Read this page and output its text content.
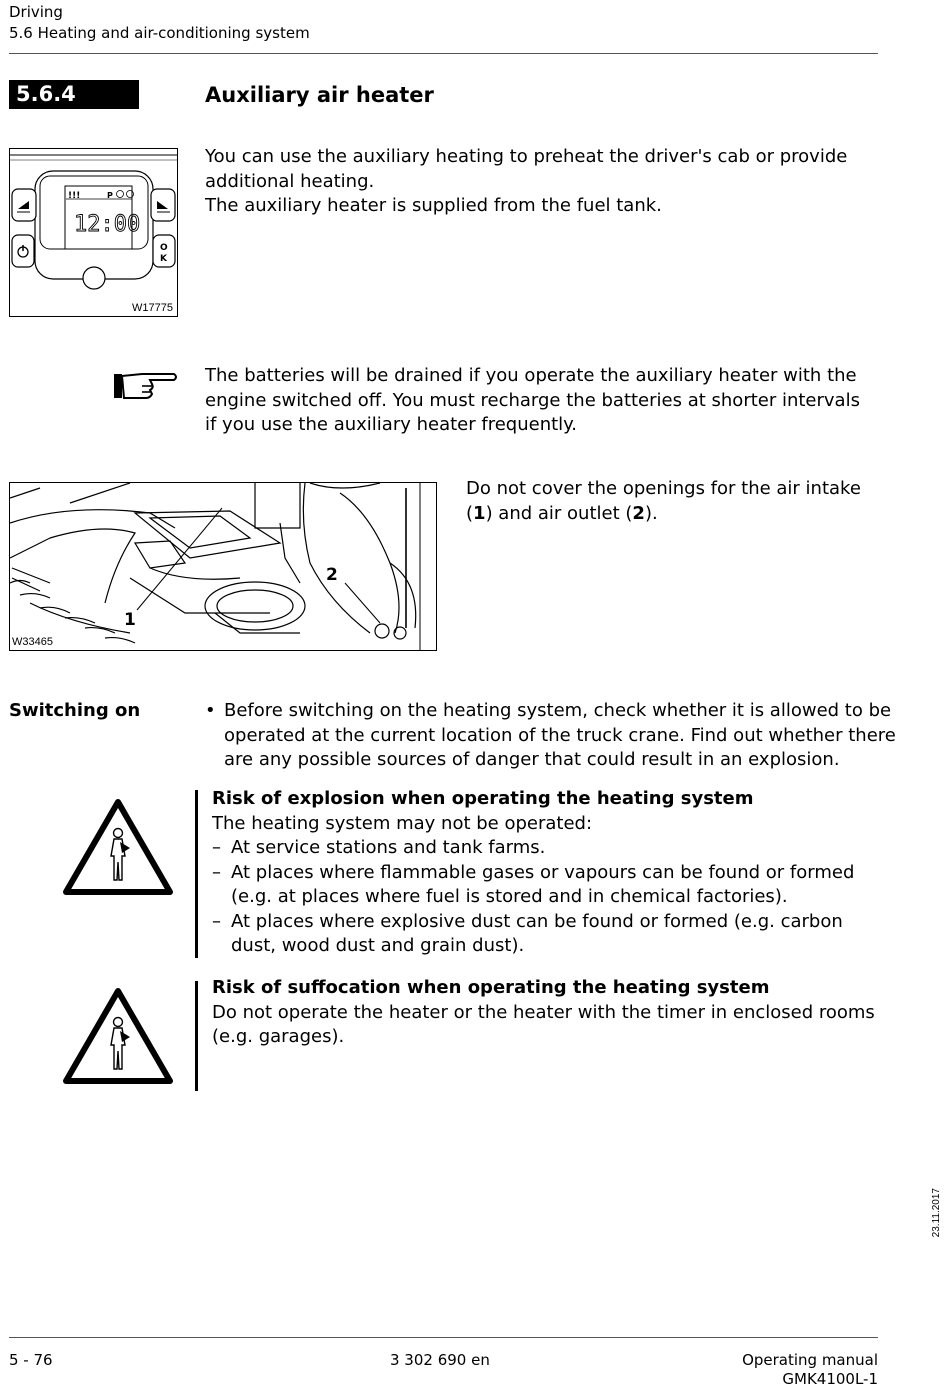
Driving
5.6 Heating and air-conditioning system
5.6.4	Auxiliary air heater
!!!	P
12:00
O
K
W17775
You can use the auxiliary heating to preheat the driver's cab or provide additional heating.
The auxiliary heater is supplied from the fuel tank.
The batteries will be drained if you operate the auxiliary heater with the engine switched off. You must recharge the batteries at shorter intervals if you use the auxiliary heater frequently.
1
2
W33465
Do not cover the openings for the air intake (1) and air outlet (2).
Switching on	• Before switching on the heating system, check whether it is allowed to be operated at the current location of the truck crane. Find out whether there are any possible sources of danger that could result in an explosion.
Risk of explosion when operating the heating system
The heating system may not be operated:
– At service stations and tank farms.
– At places where flammable gases or vapours can be found or formed (e.g. at places where fuel is stored and in chemical factories).
– At places where explosive dust can be found or formed (e.g. carbon dust, wood dust and grain dust).
Risk of suffocation when operating the heating system
Do not operate the heater or the heater with the timer in enclosed rooms (e.g. garages).
23.11.2017
5 - 76	3 302 690 en	Operating manual
GMK4100L-1
